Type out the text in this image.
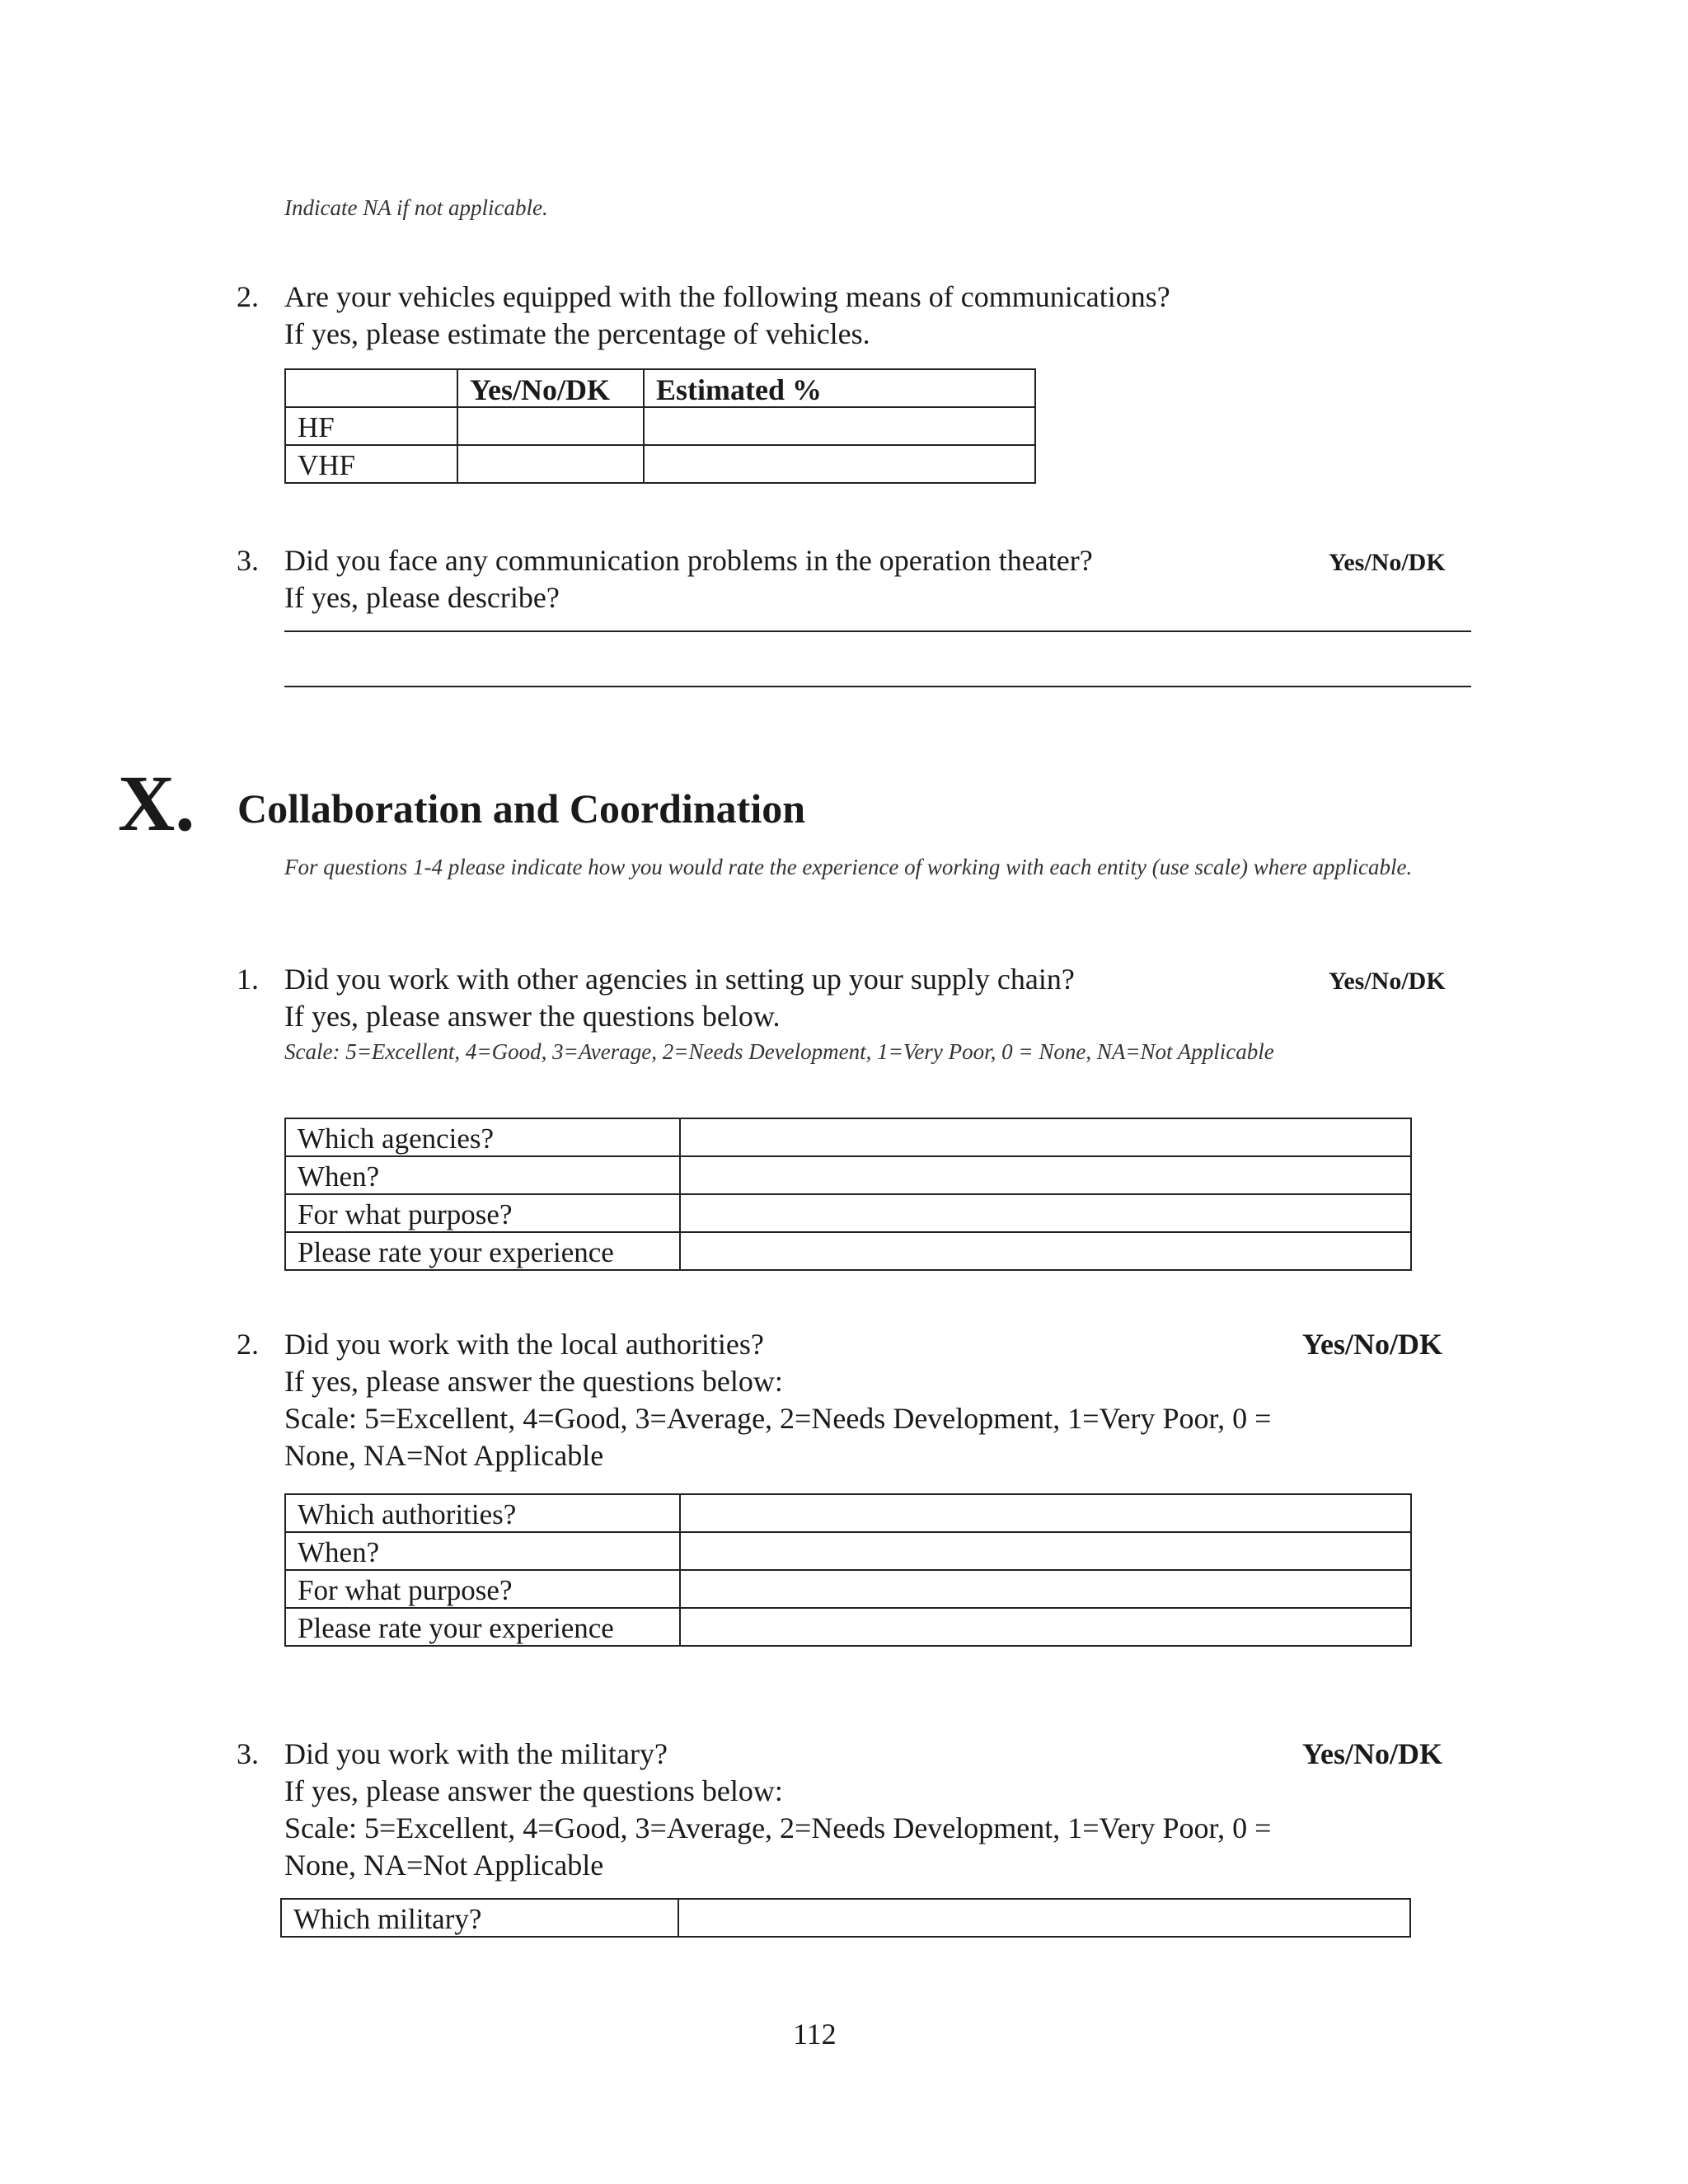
Indicate NA if not applicable.
2. Are your vehicles equipped with the following means of communications?
If yes, please estimate the percentage of vehicles.
	Yes/No/DK	Estimated %
HF		
VHF		
3. Did you face any communication problems in the operation theater?
If yes, please describe?
Yes/No/DK
X. Collaboration and Coordination
For questions 1-4 please indicate how you would rate the experience of working with each entity (use scale) where applicable.
1. Did you work with other agencies in setting up your supply chain?
If yes, please answer the questions below.
Yes/No/DK
Scale: 5=Excellent, 4=Good, 3=Average, 2=Needs Development, 1=Very Poor, 0 = None, NA=Not Applicable
Which agencies?	
When?	
For what purpose?	
Please rate your experience	
2. Did you work with the local authorities?
If yes, please answer the questions below:
Scale: 5=Excellent, 4=Good, 3=Average, 2=Needs Development, 1=Very Poor, 0 =
None, NA=Not Applicable
Yes/No/DK
Which authorities?	
When?	
For what purpose?	
Please rate your experience	
3. Did you work with the military?
If yes, please answer the questions below:
Scale: 5=Excellent, 4=Good, 3=Average, 2=Needs Development, 1=Very Poor, 0 =
None, NA=Not Applicable
Yes/No/DK
Which military?	
112
